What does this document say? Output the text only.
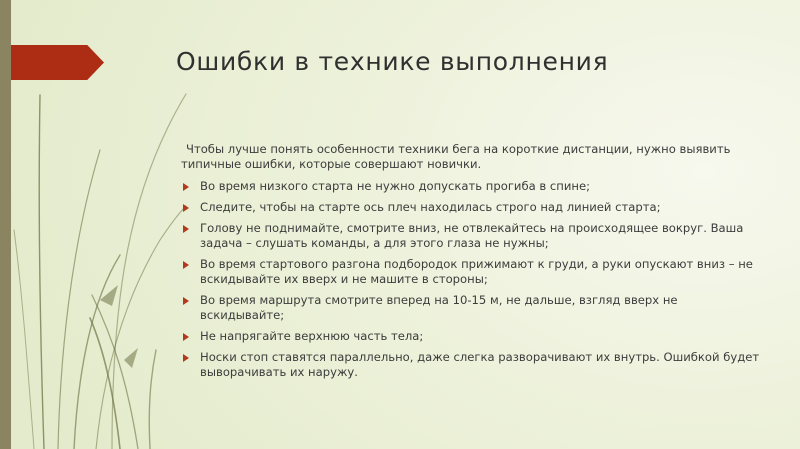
Ошибки в технике выполнения

Чтобы лучше понять особенности техники бега на короткие дистанции, нужно выявить типичные ошибки, которые совершают новички.

Во время низкого старта не нужно допускать прогиба в спине;
Следите, чтобы на старте ось плеч находилась строго над линией старта;
Голову не поднимайте, смотрите вниз, не отвлекайтесь на происходящее вокруг. Ваша задача – слушать команды, а для этого глаза не нужны;
Во время стартового разгона подбородок прижимают к груди, а руки опускают вниз – не вскидывайте их вверх и не машите в стороны;
Во время маршрута смотрите вперед на 10-15 м, не дальше, взгляд вверх не вскидывайте;
Не напрягайте верхнюю часть тела;
Носки стоп ставятся параллельно, даже слегка разворачивают их внутрь. Ошибкой будет выворачивать их наружу.
